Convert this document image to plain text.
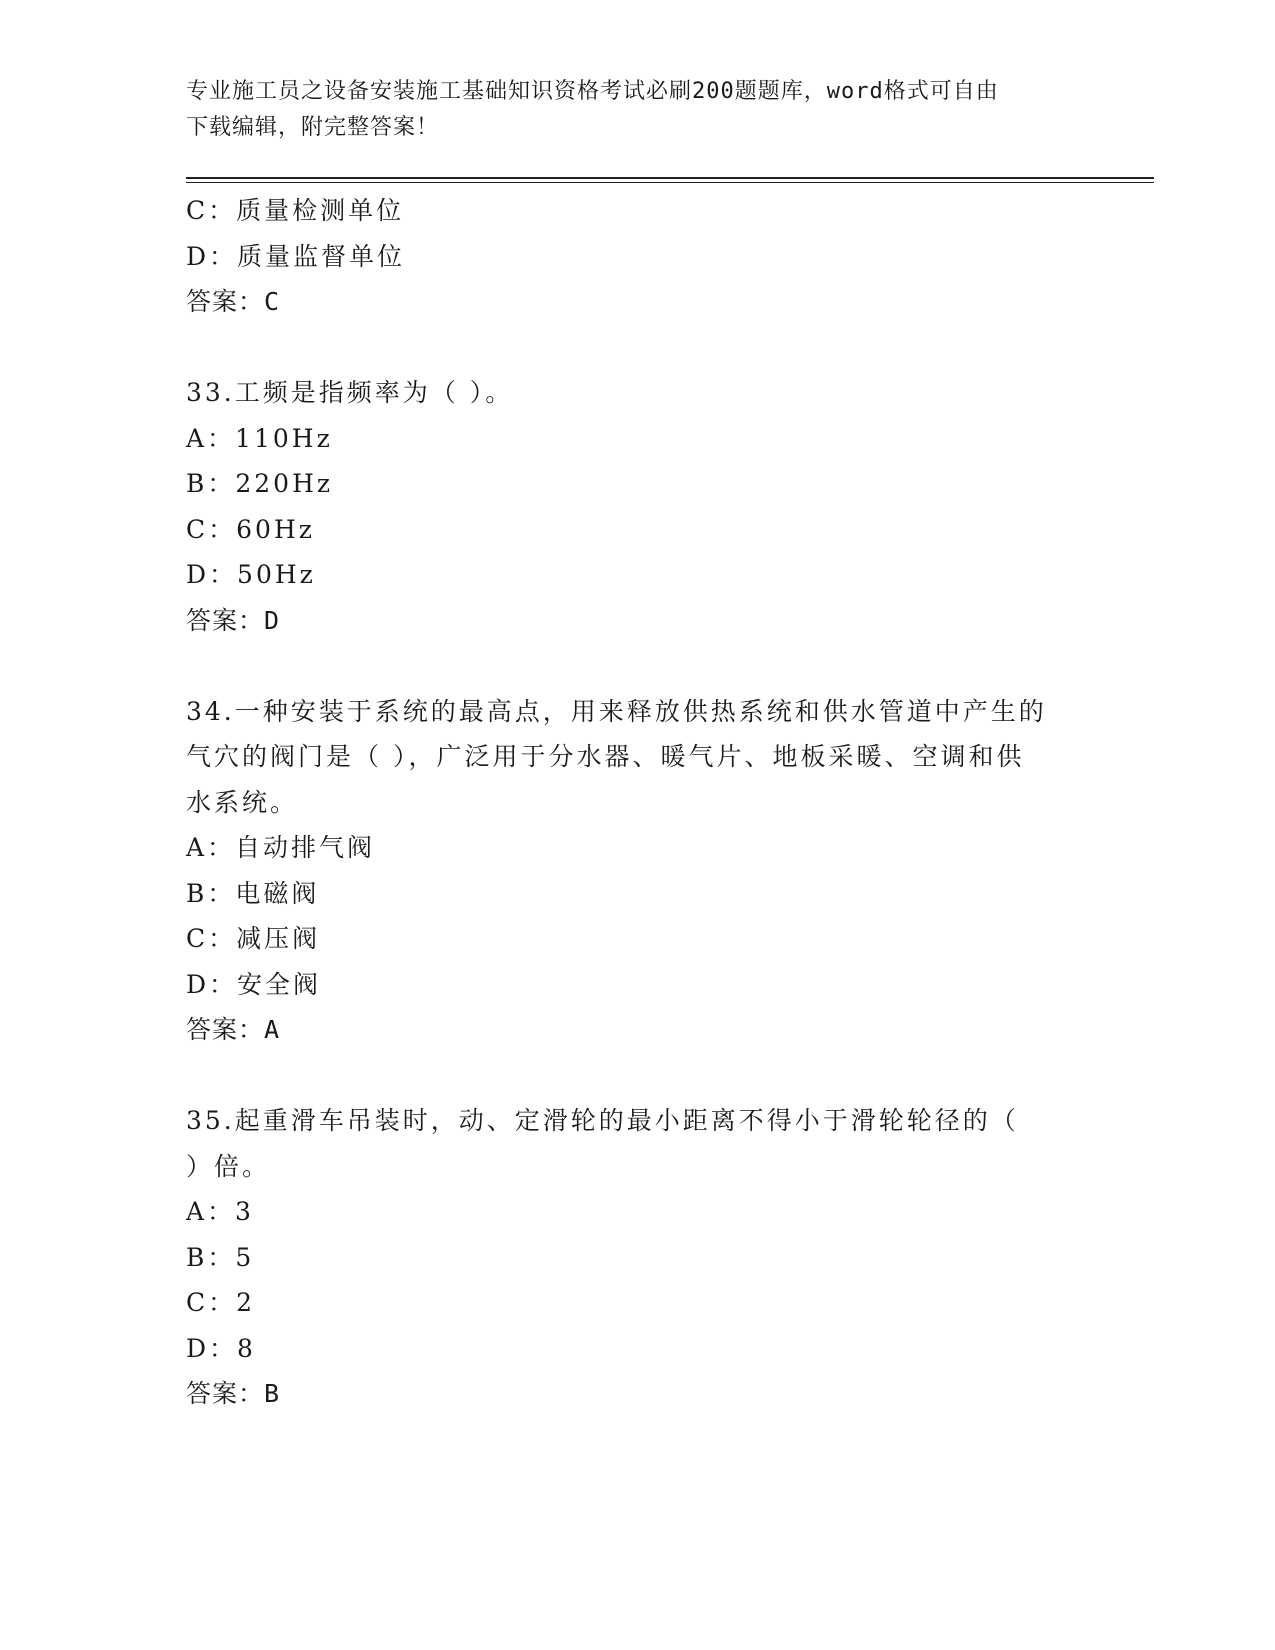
专业施工员之设备安装施工基础知识资格考试必刷200题题库，word格式可自由
下载编辑，附完整答案！
C：质量检测单位
D：质量监督单位
答案：C
33.工频是指频率为（ ）。
A：110Hz
B：220Hz
C：60Hz
D：50Hz
答案：D
34.一种安装于系统的最高点，用来释放供热系统和供水管道中产生的
气穴的阀门是（ ），广泛用于分水器、暖气片、地板采暖、空调和供
水系统。
A：自动排气阀
B：电磁阀
C：减压阀
D：安全阀
答案：A
35.起重滑车吊装时，动、定滑轮的最小距离不得小于滑轮轮径的（
）倍。
A：3
B：5
C：2
D：8
答案：B
